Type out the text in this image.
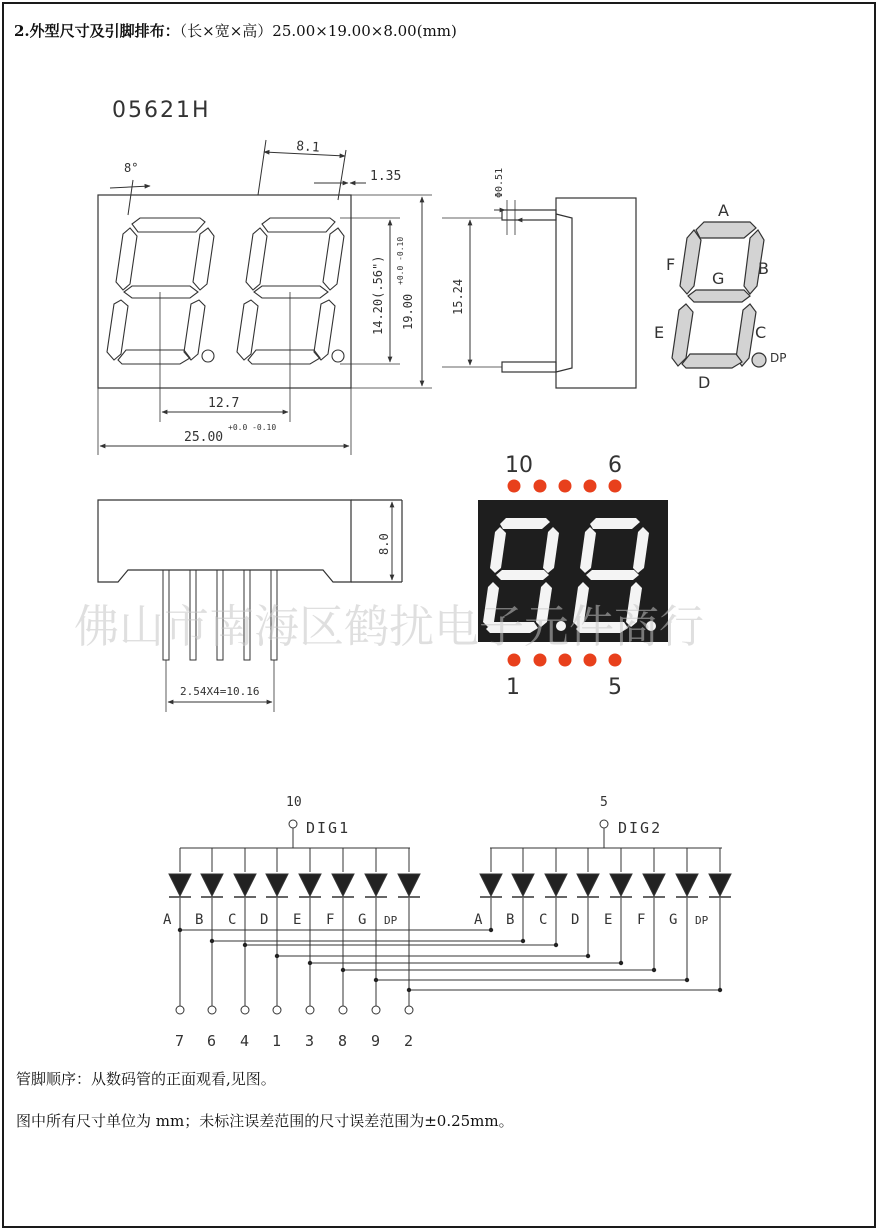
2.外型尺寸及引脚排布：（长×宽×高）25.00×19.00×8.00(mm)
05621H
8°
8.1
1.35
14.20(.56") 19.00
+0.0 -0.10
12.7
25.00
+0.0 -0.10
15.24
Φ0.51
A
F
G
B
E	C
D
DP
8.0
2.54X4=10.16
10	6
1	5
佛山市南海区鹤扰电子元件商行
10
DIG1
5
DIG2
A B C D E F G DP	A B C D E F G DP
7 6 4 1 3 8 9 2
管脚顺序：从数码管的正面观看,见图。
图中所有尺寸单位为 mm；未标注误差范围的尺寸误差范围为±0.25mm。
